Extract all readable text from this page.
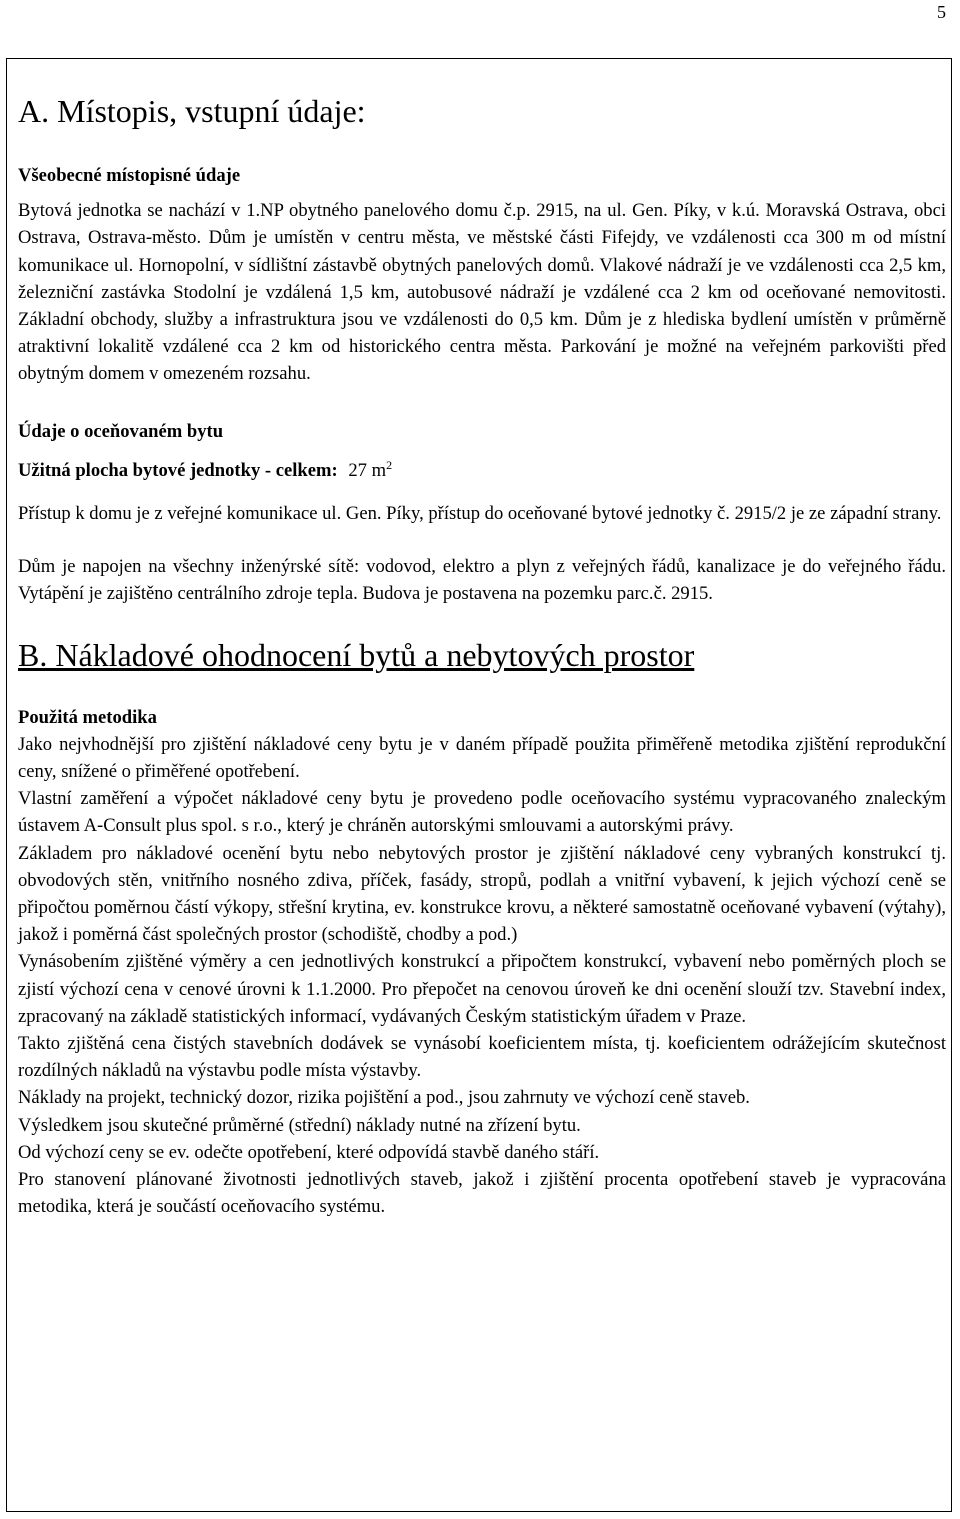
5
A. Místopis, vstupní údaje:
Všeobecné místopisné údaje

Bytová jednotka se nachází v 1.NP obytného panelového domu č.p. 2915, na ul. Gen. Píky, v k.ú. Moravská Ostrava, obci Ostrava, Ostrava-město. Dům je umístěn v centru města, ve městské části Fifejdy, ve vzdálenosti cca 300 m od místní komunikace ul. Hornopolní, v sídlištní zástavbě obytných panelových domů. Vlakové nádraží je ve vzdálenosti cca 2,5 km, železniční zastávka Stodolní je vzdálená 1,5 km, autobusové nádraží je vzdálené cca 2 km od oceňované nemovitosti. Základní obchody, služby a infrastruktura jsou ve vzdálenosti do 0,5 km. Dům je z hlediska bydlení umístěn v průměrně atraktivní lokalitě vzdálené cca 2 km od historického centra města. Parkování je možné na veřejném parkovišti před obytným domem v omezeném rozsahu.

Údaje o oceňovaném bytu
Užitná plocha bytové jednotky - celkem: 27 $m^2$

Přístup k domu je z veřejné komunikace ul. Gen. Píky, přístup do oceňované bytové jednotky č. 2915/2 je ze západní strany.

Dům je napojen na všechny inženýrské sítě: vodovod, elektro a plyn z veřejných řádů, kanalizace je do veřejného řádu. Vytápění je zajištěno centrálního zdroje tepla. Budova je postavena na pozemku parc.č. 2915.

B. Nákladové ohodnocení bytů a nebytových prostor
Použitá metodika

Jako nejvhodnější pro zjištění nákladové ceny bytu je v daném případě použita přiměřeně metodika zjištění reprodukční ceny, snížené o přiměřené opotřebení.

Vlastní zaměření a výpočet nákladové ceny bytu je provedeno podle oceňovacího systému vypracovaného znaleckým ústavem A-Consult plus spol. s r.o., který je chráněn autorskými smlouvami a autorskými právy.

Základem pro nákladové ocenění bytu nebo nebytových prostor je zjištění nákladové ceny vybraných konstrukcí tj. obvodových stěn, vnitřního nosného zdiva, příček, fasády, stropů, podlah a vnitřní vybavení, k jejich výchozí ceně se připočtou poměrnou částí výkopy, střešní krytina, ev. konstrukce krovu, a některé samostatně oceňované vybavení (výtahy), jakož i poměrná část společných prostor (schodiště, chodby a pod.)

Vynásobením zjištěné výměry a cen jednotlivých konstrukcí a připočtem konstrukcí, vybavení nebo poměrných ploch se zjistí výchozí cena v cenové úrovni k 1.1.2000. Pro přepočet na cenovou úroveň ke dni ocenění slouží tzv. Stavební index, zpracovaný na základě statistických informací, vydávaných Českým statistickým úřadem v Praze.

Takto zjištěná cena čistých stavebních dodávek se vynásobí koeficientem místa, tj. koeficientem odrážejícím skutečnost rozdílných nákladů na výstavbu podle místa výstavby.

Náklady na projekt, technický dozor, rizika pojištění a pod., jsou zahrnuty ve výchozí ceně staveb.

Výsledkem jsou skutečné průměrné (střední) náklady nutné na zřízení bytu.

Od výchozí ceny se ev. odečte opotřebení, které odpovídá stavbě daného stáří.

Pro stanovení plánované životnosti jednotlivých staveb, jakož i zjištění procenta opotřebení staveb je vypracována metodika, která je součástí oceňovacího systému.
